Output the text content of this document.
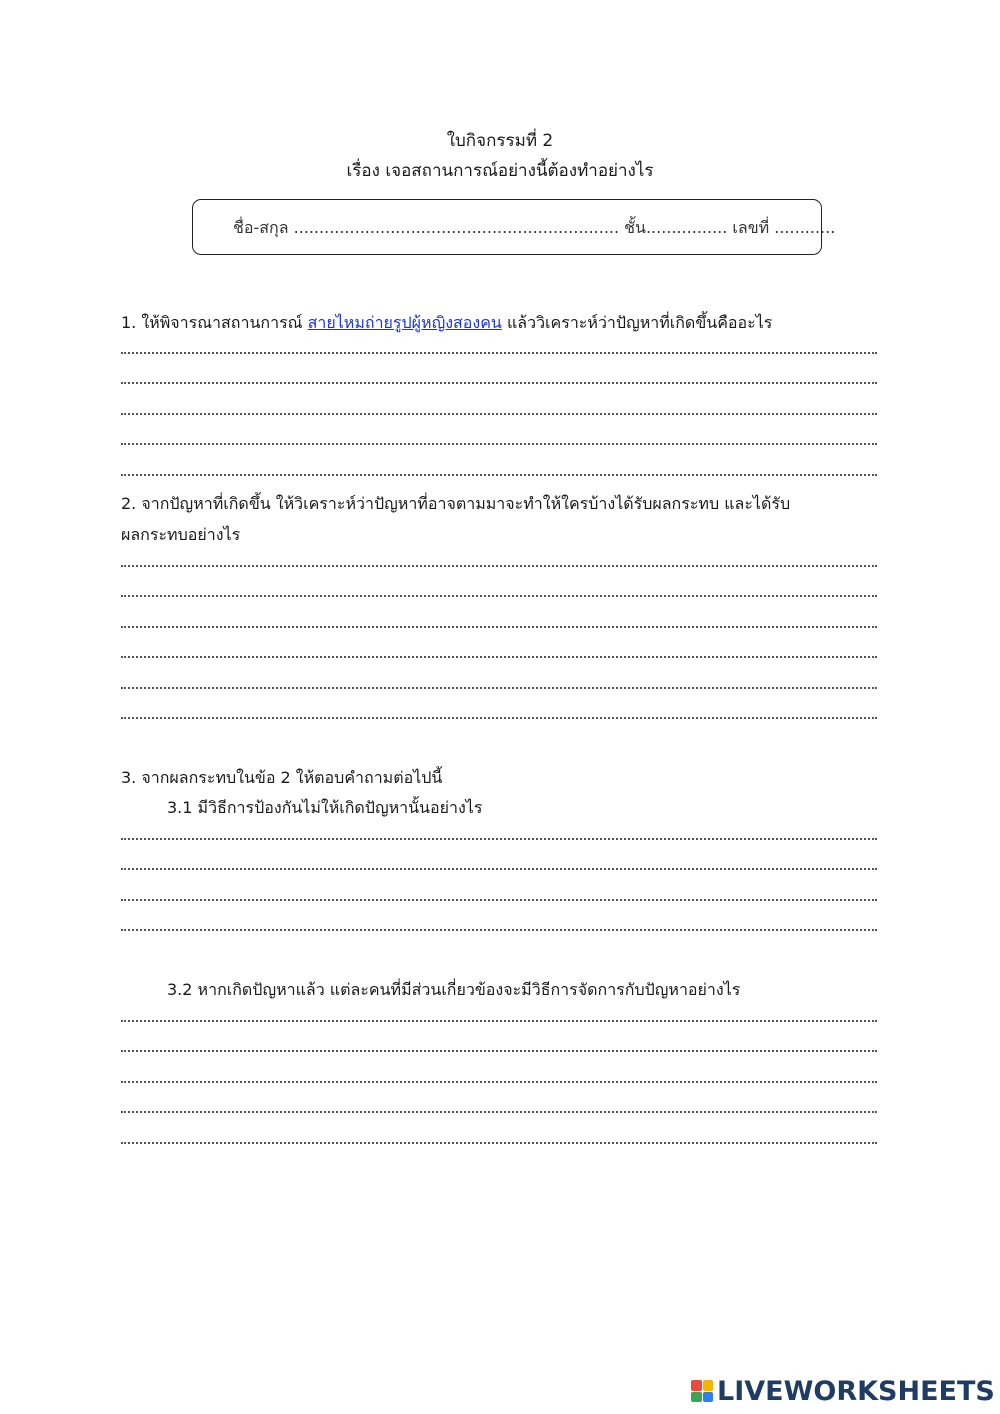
ใบกิจกรรมที่ 2
เรื่อง เจอสถานการณ์อย่างนี้ต้องทำอย่างไร
ชื่อ-สกุล ................................................................ ชั้น................ เลขที่ ............
1. ให้พิจารณาสถานการณ์ สายไหมถ่ายรูปผู้หญิงสองคน แล้ววิเคราะห์ว่าปัญหาที่เกิดขึ้นคืออะไร
2. จากปัญหาที่เกิดขึ้น ให้วิเคราะห์ว่าปัญหาที่อาจตามมาจะทำให้ใครบ้างได้รับผลกระทบ และได้รับ
ผลกระทบอย่างไร
3. จากผลกระทบในข้อ 2 ให้ตอบคำถามต่อไปนี้
3.1 มีวิธีการป้องกันไม่ให้เกิดปัญหานั้นอย่างไร
3.2 หากเกิดปัญหาแล้ว แต่ละคนที่มีส่วนเกี่ยวข้องจะมีวิธีการจัดการกับปัญหาอย่างไร
LIVEWORKSHEETS
